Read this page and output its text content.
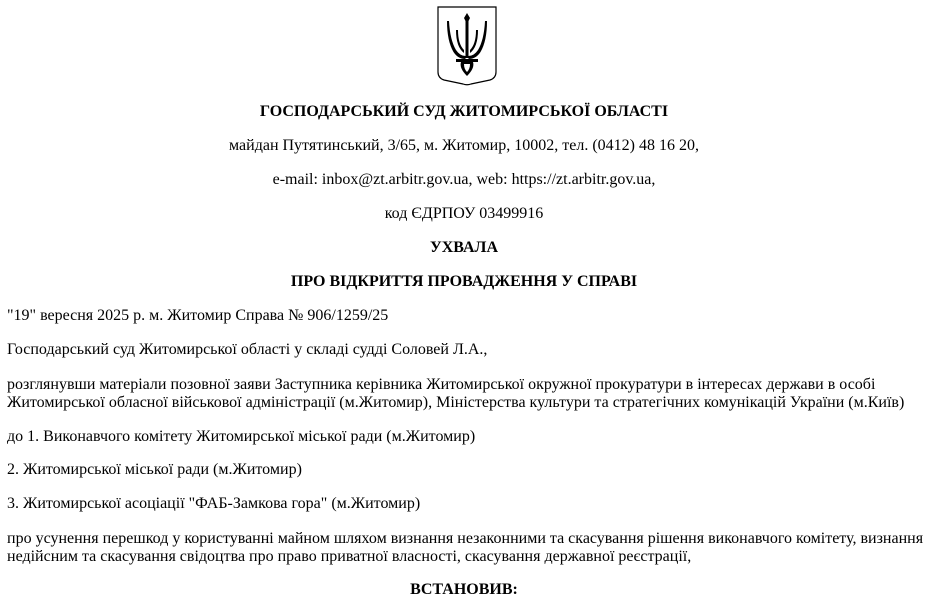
ГОСПОДАРСЬКИЙ СУД ЖИТОМИРСЬКОЇ ОБЛАСТІ
майдан Путятинський, 3/65, м. Житомир, 10002, тел. (0412) 48 16 20,
e-mail: inbox@zt.arbitr.gov.ua, web: https://zt.arbitr.gov.ua,
код ЄДРПОУ 03499916
УХВАЛА
ПРО ВІДКРИТТЯ ПРОВАДЖЕННЯ У СПРАВІ
"19" вересня 2025 р. м. Житомир Справа № 906/1259/25
Господарський суд Житомирської області у складі судді Соловей Л.А.,
розглянувши матеріали позовної заяви Заступника керівника Житомирської окружної прокуратури в інтересах держави в особі Житомирської обласної військової адміністрації (м.Житомир), Міністерства культури та стратегічних комунікацій України (м.Київ)
до 1. Виконавчого комітету Житомирської міської ради (м.Житомир)
2. Житомирської міської ради (м.Житомир)
3. Житомирської асоціації "ФАБ-Замкова гора" (м.Житомир)
про усунення перешкод у користуванні майном шляхом визнання незаконними та скасування рішення виконавчого комітету, визнання недійсним та скасування свідоцтва про право приватної власності, скасування державної реєстрації,
ВСТАНОВИВ:
